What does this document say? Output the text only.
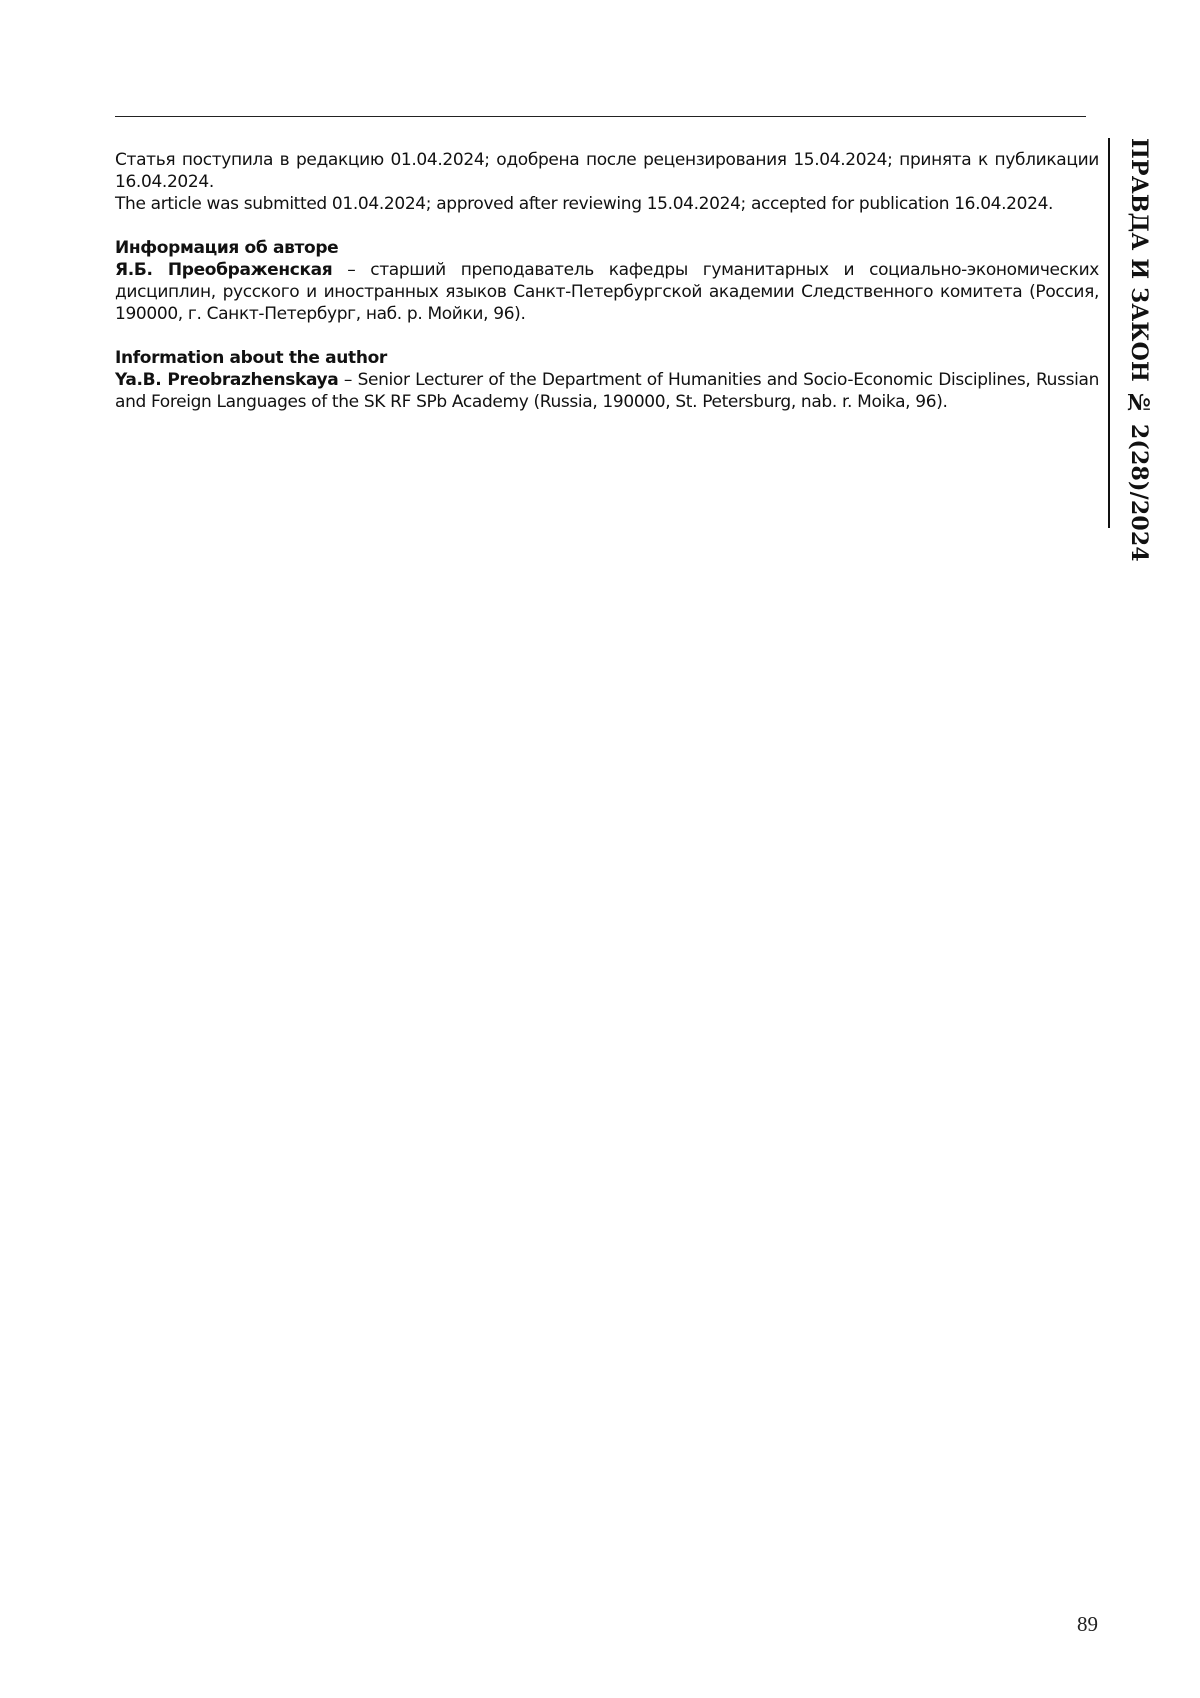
Статья поступила в редакцию 01.04.2024; одобрена после рецензирования 15.04.2024; принята к публикации 16.04.2024.

The article was submitted 01.04.2024; approved after reviewing 15.04.2024; accepted for publication 16.04.2024.

Информация об авторе

Я.Б. Преображенская – старший преподаватель кафедры гуманитарных и социально-экономических дисциплин, русского и иностранных языков Санкт-Петербургской академии Следственного комитета (Россия, 190000, г. Санкт-Петербург, наб. р. Мойки, 96).

Information about the author

Ya.B. Preobrazhenskaya – Senior Lecturer of the Department of Humanities and Socio-Economic Disciplines, Russian and Foreign Languages of the SK RF SPb Academy (Russia, 190000, St. Petersburg, nab. r. Moika, 96).	ПРАВДА И ЗАКОН № 2(28)/2024
89
